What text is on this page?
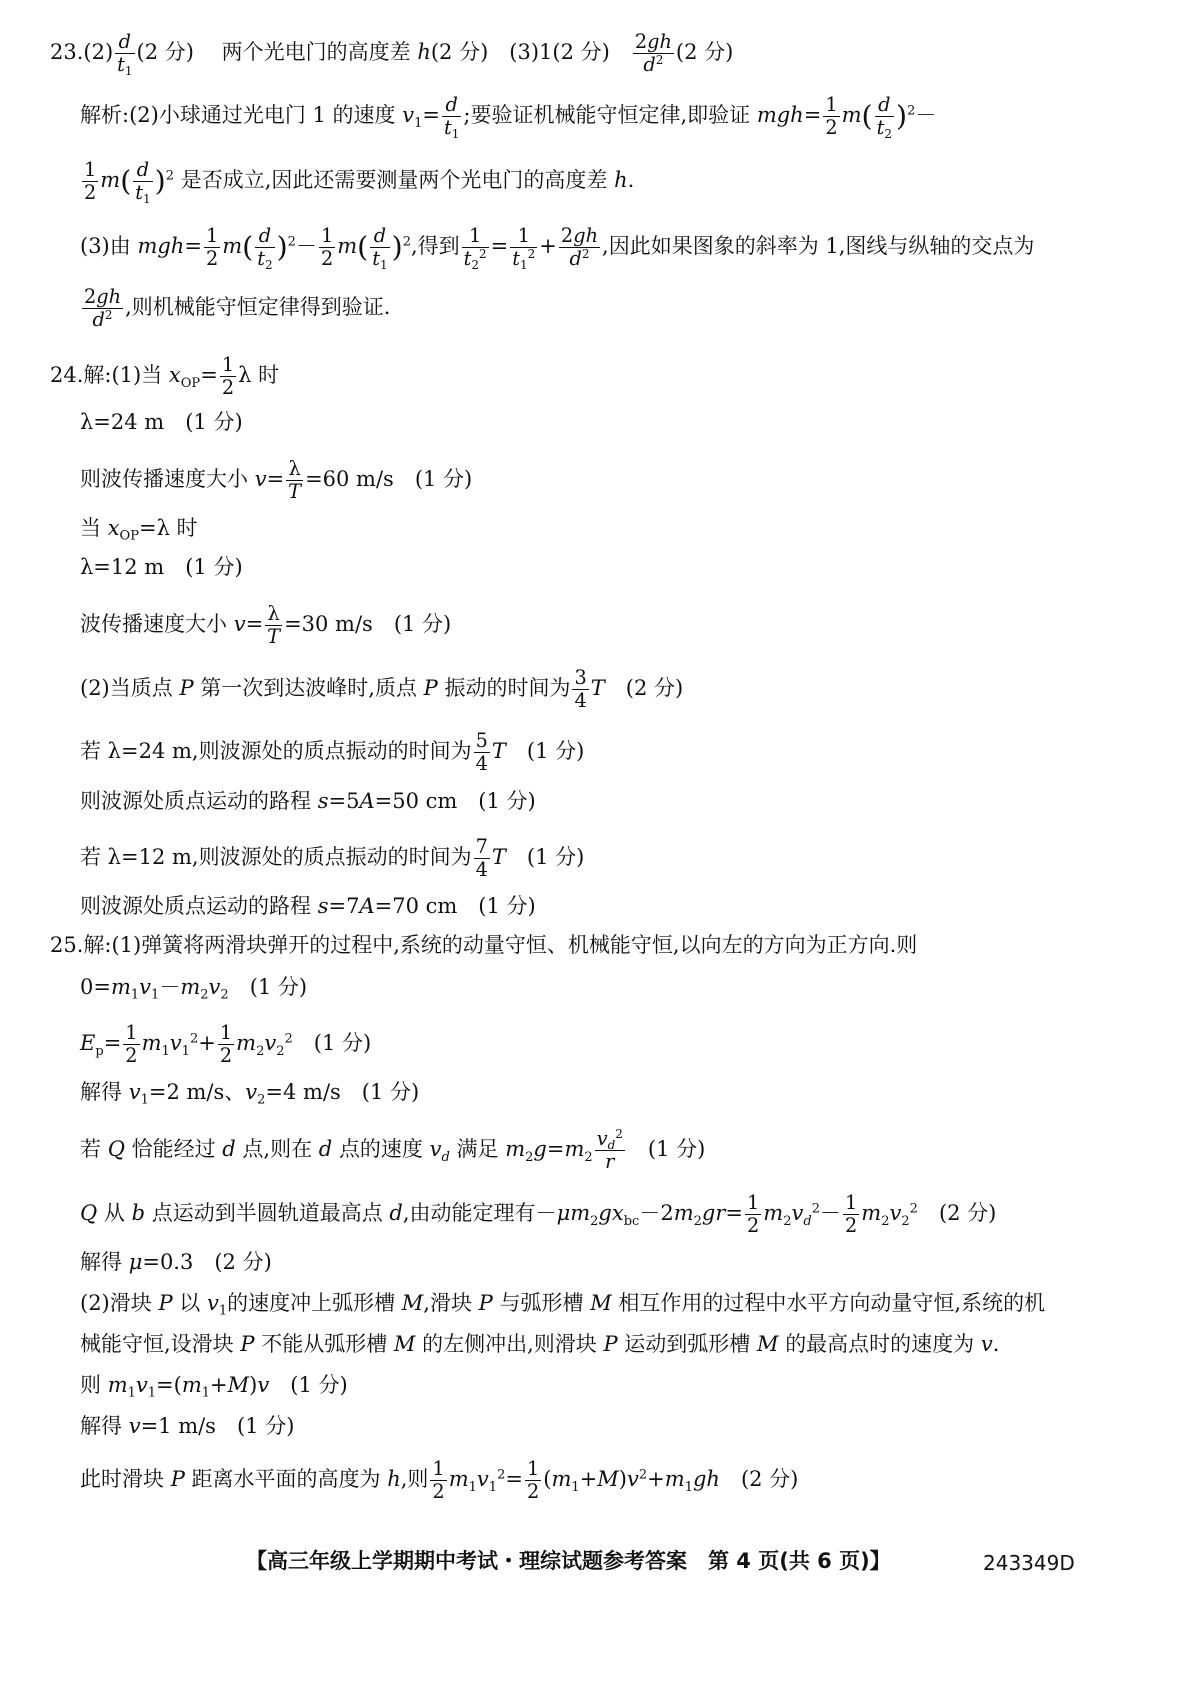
$23.(2) \frac{d}{t_1} (2$ 分)　 两个光电门的高度差 h(2 分)　 (3)1(2 分)　 $\frac{2gh}{d^2} (2$ 分)
解析:(2)小球通过光电门 1 的速度 $v_1= \frac{d}{t_1}$ ;要验证机械能守恒定律,即验证 $mgh= \frac{1}{2} m( \frac{d}{t_2} )^2-$
$\frac{1}{2} m( \frac{d}{t_1} )^2$ 是否成立,因此还需要测量两个光电门的高度差 h.
(3)由 $mgh= \frac{1}{2} m( \frac{d}{t_2} )^2- \frac{1}{2} m( \frac{d}{t_1} )^2$,得到 $\frac{1}{t_2^2} = \frac{1}{t_1^2} + \frac{2gh}{d^2}$ ,因此如果图象的斜率为 1,图线与纵轴的交点为
$\frac{2gh}{d^2}$ ,则机械能守恒定律得到验证.
24.解:(1)当 $x_{OP}= \frac{1}{2}$ λ 时
λ=24 m　(1 分)
则波传播速度大小 $v= \frac{\lambda}{T} =60$ m/s　(1 分)
当 $x_{OP}=\lambda$ 时
λ=12 m　(1 分)
波传播速度大小 $v= \frac{\lambda}{T} =30$ m/s　(1 分)
(2)当质点 P 第一次到达波峰时,质点 P 振动的时间为 $\frac{3}{4}$ T　 (2 分)
若 λ=24 m,则波源处的质点振动的时间为 $\frac{5}{4}$ T　 (1 分)
则波源处质点运动的路程 s=5A=50 cm　(1 分)
若 λ=12 m,则波源处的质点振动的时间为 $\frac{7}{4}$ T　 (1 分)
则波源处质点运动的路程 s=7A=70 cm　(1 分)
25.解:(1)弹簧将两滑块弹开的过程中,系统的动量守恒、机械能守恒,以向左的方向为正方向.则
$0=m_1v_1-m_2v_2$　 (1 分)
$E_p= \frac{1}{2} m_1v_1^2+ \frac{1}{2} m_2v_2^2$　 (1 分)
解得 $v_1=2$ m/s、$v_2=4$ m/s　(1 分)
若 Q 恰能经过 d 点,则在 d 点的速度 $v_d$ 满足 $m_2g=m_2 \frac{v_d^2}{r}$
　 (1 分)
Q 从 b 点运动到半圆轨道最高点 d,由动能定理有$-\mu m_2gx_{bc}-2m_2gr= \frac{1}{2} m_2v_d^2- \frac{1}{2} m_2v_2^2$　 (2 分)
解得 μ=0.3　(2 分)
(2)滑块 P 以 $v_1$的速度冲上弧形槽 M,滑块 P 与弧形槽 M 相互作用的过程中水平方向动量守恒,系统的机
械能守恒,设滑块 P 不能从弧形槽 M 的左侧冲出,则滑块 P 运动到弧形槽 M 的最高点时的速度为 v.
则 $m_1v_1=(m_1+M)v$　 (1 分)
解得 v=1 m/s　(1 分)
此时滑块 P 距离水平面的高度为 h,则 $\frac{1}{2} m_1v_1^2= \frac{1}{2} (m_1+M)v^2+m_1gh$　 (2 分)
【高三年级上学期期中考试・理综试题参考答案　第 4 页(共 6 页)】	243349D
